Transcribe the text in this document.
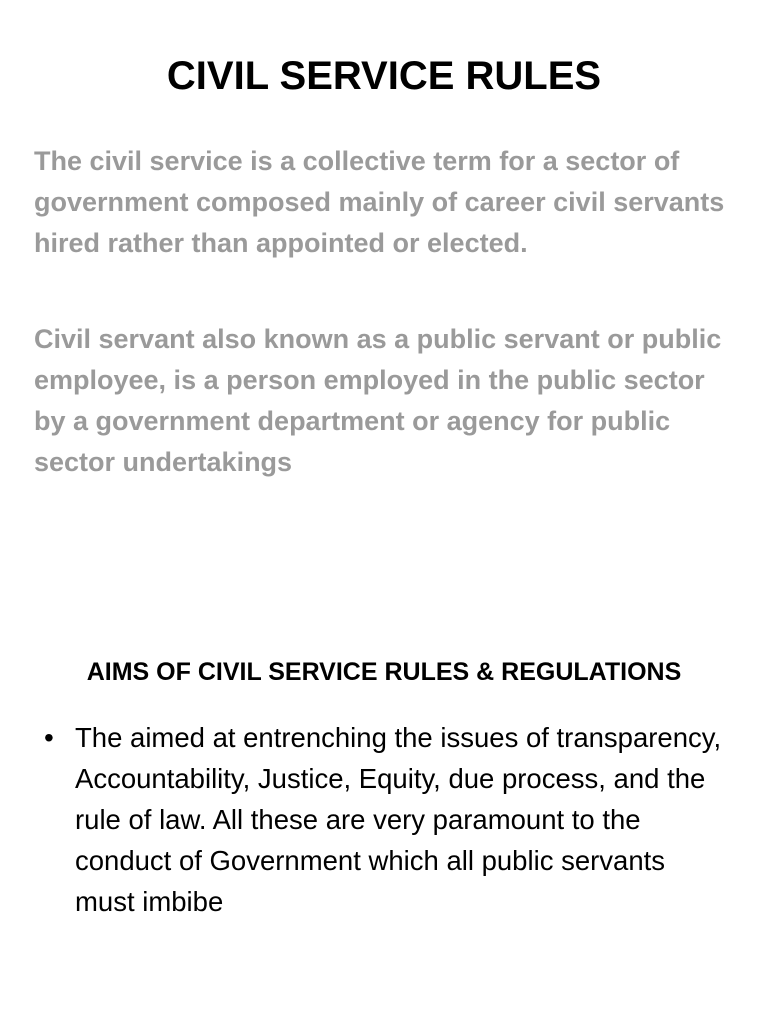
CIVIL SERVICE RULES

The civil service is a collective term for a sector of government composed mainly of career civil servants hired rather than appointed or elected.

Civil servant also known as a public servant or public employee, is a person employed in the public sector by a government department or agency for public sector undertakings

AIMS OF CIVIL SERVICE RULES & REGULATIONS
• The aimed at entrenching the issues of transparency, Accountability, Justice, Equity, due process, and the rule of law. All these are very paramount to the conduct of Government which all public servants must imbibe
